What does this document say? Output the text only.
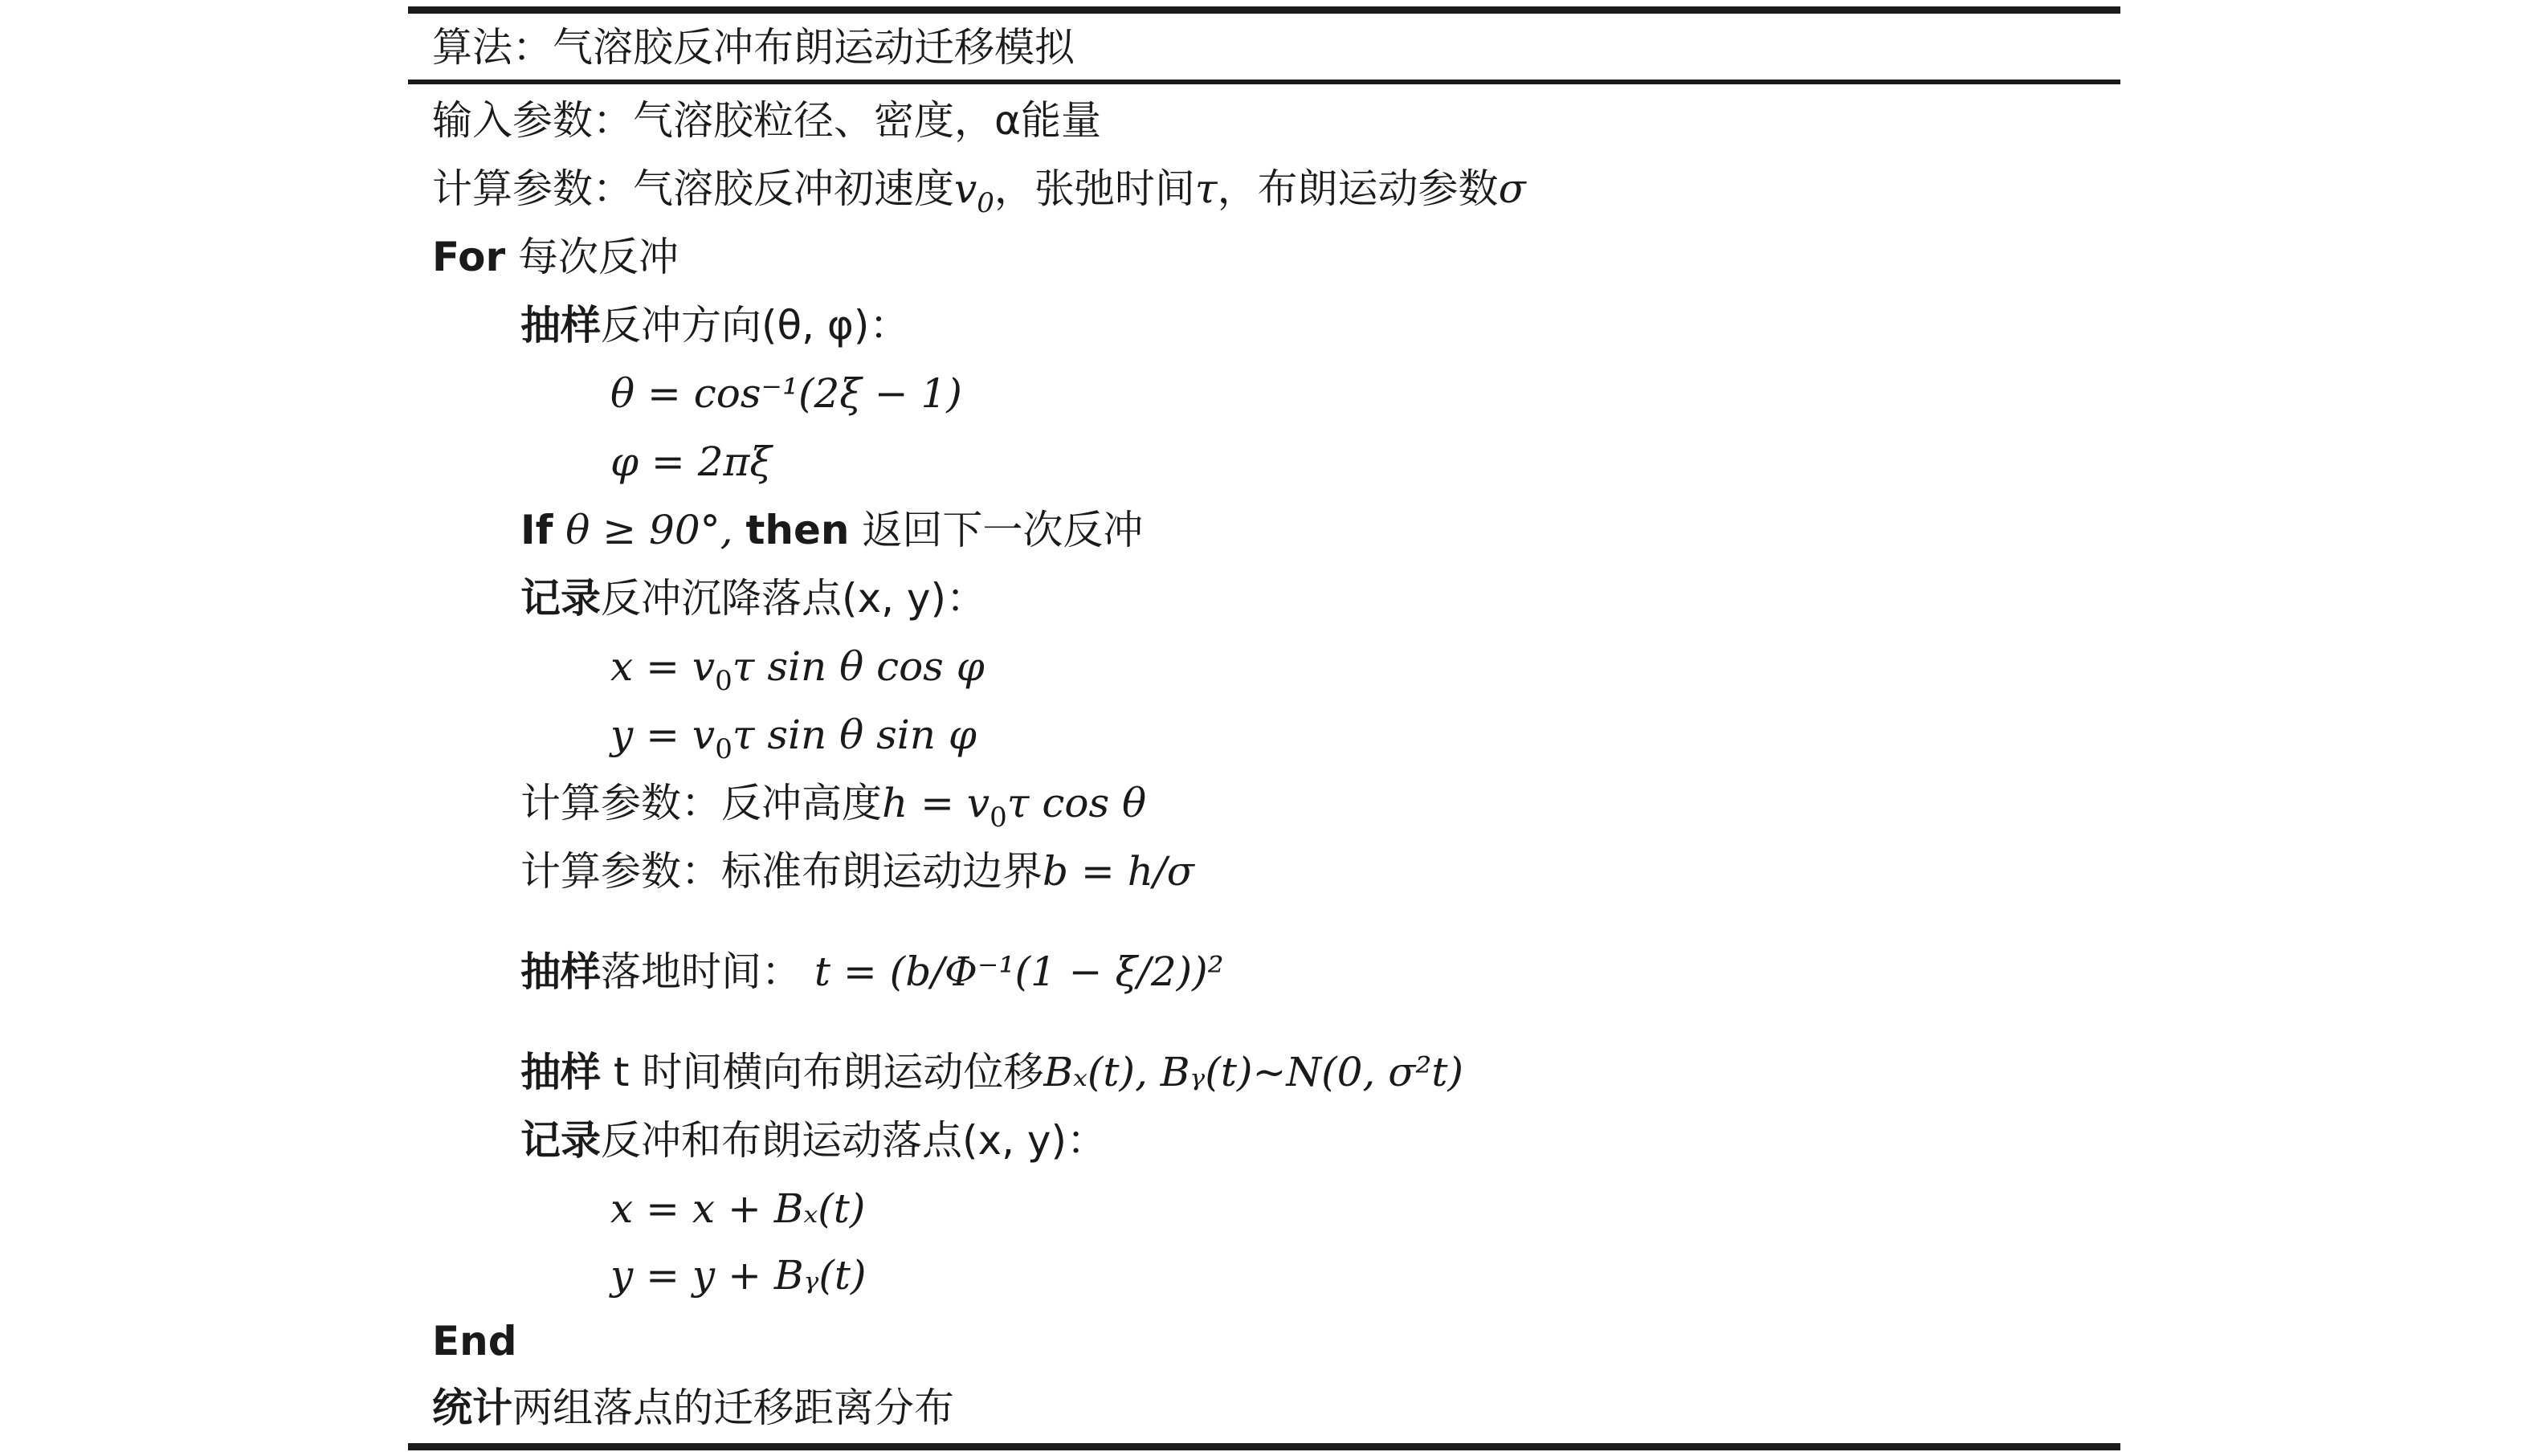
算法：气溶胶反冲布朗运动迁移模拟
输入参数：气溶胶粒径、密度，α能量
计算参数：气溶胶反冲初速度$v_0$，张弛时间τ，布朗运动参数σ
For 每次反冲
抽样反冲方向(θ, φ)：
θ = cos⁻¹(2ξ − 1)
φ = 2πξ
If θ ≥ 90°, then 返回下一次反冲
记录反冲沉降落点(x, y)：
$x = v_0\tau$ sin θ cos φ
$y = v_0\tau$ sin θ sin φ
计算参数：反冲高度$h = v_0\tau$ cos θ
计算参数：标准布朗运动边界b = h/σ
抽样落地时间： t = (b/Φ⁻¹(1 − ξ/2))²
抽样 t 时间横向布朗运动位移Bₓ(t), Bᵧ(t)~N(0, σ²t)
记录反冲和布朗运动落点(x, y)：
x = x + Bₓ(t)
y = y + Bᵧ(t)
End
统计两组落点的迁移距离分布
